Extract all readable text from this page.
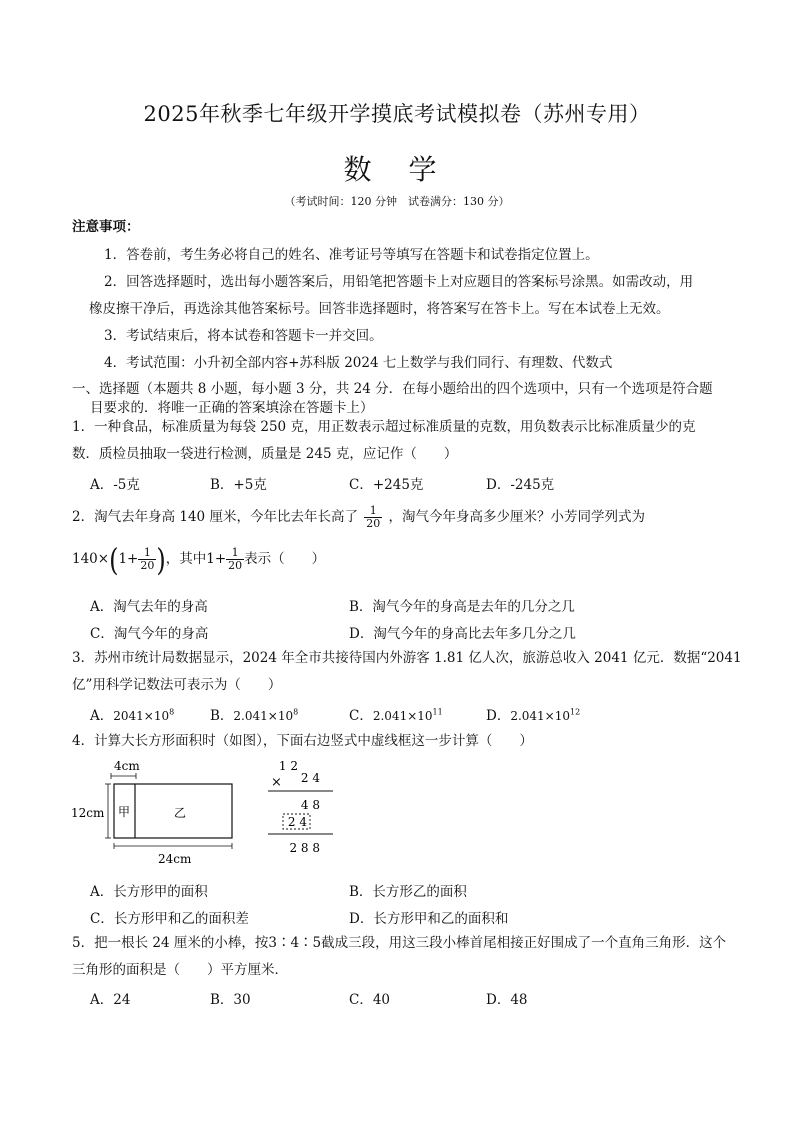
2025年秋季七年级开学摸底考试模拟卷（苏州专用）
数 学
（考试时间：120 分钟　试卷满分：130 分）
注意事项：
1．答卷前，考生务必将自己的姓名、准考证号等填写在答题卡和试卷指定位置上。
2．回答选择题时，选出每小题答案后，用铅笔把答题卡上对应题目的答案标号涂黑。如需改动，用
橡皮擦干净后，再选涂其他答案标号。回答非选择题时，将答案写在答卡上。写在本试卷上无效。
3．考试结束后，将本试卷和答题卡一并交回。
4．考试范围：小升初全部内容+苏科版 2024 七上数学与我们同行、有理数、代数式
一、选择题（本题共 8 小题，每小题 3 分，共 24 分．在每小题给出的四个选项中，只有一个选项是符合题
目要求的．将唯一正确的答案填涂在答题卡上）
1．一种食品，标准质量为每袋 250 克，用正数表示超过标准质量的克数，用负数表示比标准质量少的克
数．质检员抽取一袋进行检测，质量是 245 克，应记作（　　）
A．-5克	B．+5克	C．+245克	D．-245克
2．淘气去年身高 140 厘米，今年比去年长高了 $\frac{1}{20}$ ，淘气今年身高多少厘米？小芳同学列式为
$140\times(1+ \frac{1}{20}$ )，其中$1+ \frac{1}{20}$ 表示（　　）
A．淘气去年的身高	B．淘气今年的身高是去年的几分之几
C．淘气今年的身高	D．淘气今年的身高比去年多几分之几
3．苏州市统计局数据显示，2024 年全市共接待国内外游客 1.81 亿人次，旅游总收入 2041 亿元．数据“2041
亿”用科学记数法可表示为（　　）
A．$2041\times 10^8$	B．$2.041\times 10^8$	C．$2.041\times 10^{11}$	D．$2.041\times 10^{12}$
4．计算大长方形面积时（如图），下面右边竖式中虚线框这一步计算（　　）
4cm
12cm 甲	乙
24cm
1 2
× 2 4
4 8
2 4
2 8 8
A．长方形甲的面积	B．长方形乙的面积
C．长方形甲和乙的面积差	D．长方形甲和乙的面积和
5．把一根长 24 厘米的小棒，按3∶4∶5截成三段，用这三段小棒首尾相接正好围成了一个直角三角形．这个
三角形的面积是（　　）平方厘米．
A．24	B．30	C．40	D．48
